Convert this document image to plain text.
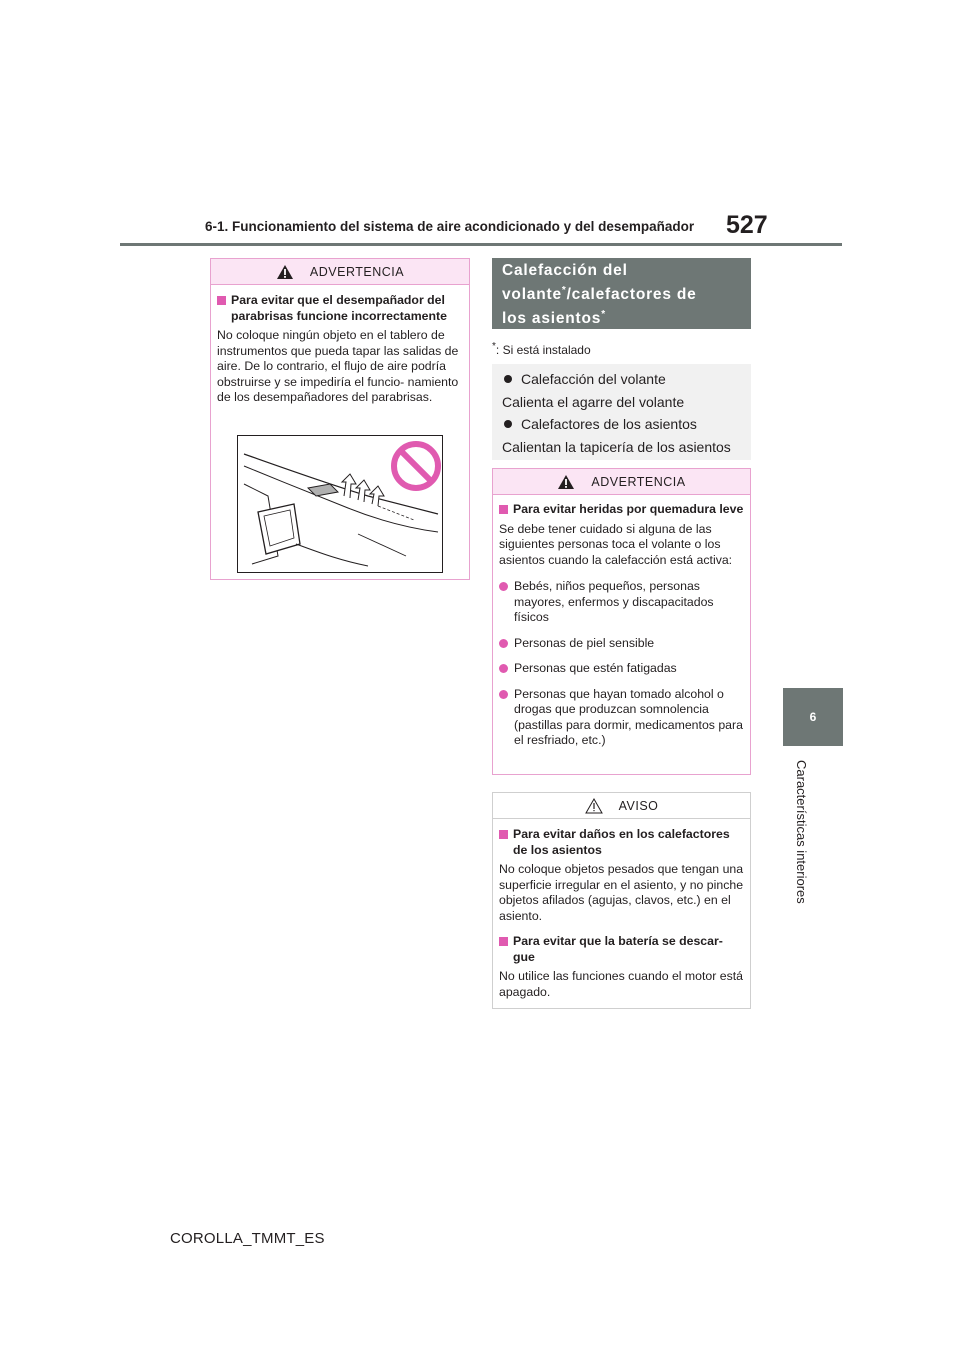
6-1. Funcionamiento del sistema de aire acondicionado y del desempañador 527
6
Características interiores
ADVERTENCIA
Para evitar que el desempañador del parabrisas funcione incorrectamente

No coloque ningún objeto en el tablero de instrumentos que pueda tapar las salidas de aire. De lo contrario, el flujo de aire podría obstruirse y se impediría el funcio- namiento de los desempañadores del parabrisas.

Calefacción del
volante*/calefactores de
los asientos*
*: Si está instalado
Calefacción del volante
Calienta el agarre del volante
Calefactores de los asientos
Calientan la tapicería de los asientos
ADVERTENCIA
Para evitar heridas por quemadura leve

Se debe tener cuidado si alguna de las siguientes personas toca el volante o los asientos cuando la calefacción está activa:

Bebés, niños pequeños, personas mayores, enfermos y discapacitados físicos
Personas de piel sensible
Personas que estén fatigadas
Personas que hayan tomado alcohol o drogas que produzcan somnolencia (pastillas para dormir, medicamentos para el resfriado, etc.)
AVISO
Para evitar daños en los calefactores de los asientos

No coloque objetos pesados que tengan una superficie irregular en el asiento, y no pinche objetos afilados (agujas, clavos, etc.) en el asiento.

Para evitar que la batería se descar- gue

No utilice las funciones cuando el motor está apagado.

COROLLA_TMMT_ES
